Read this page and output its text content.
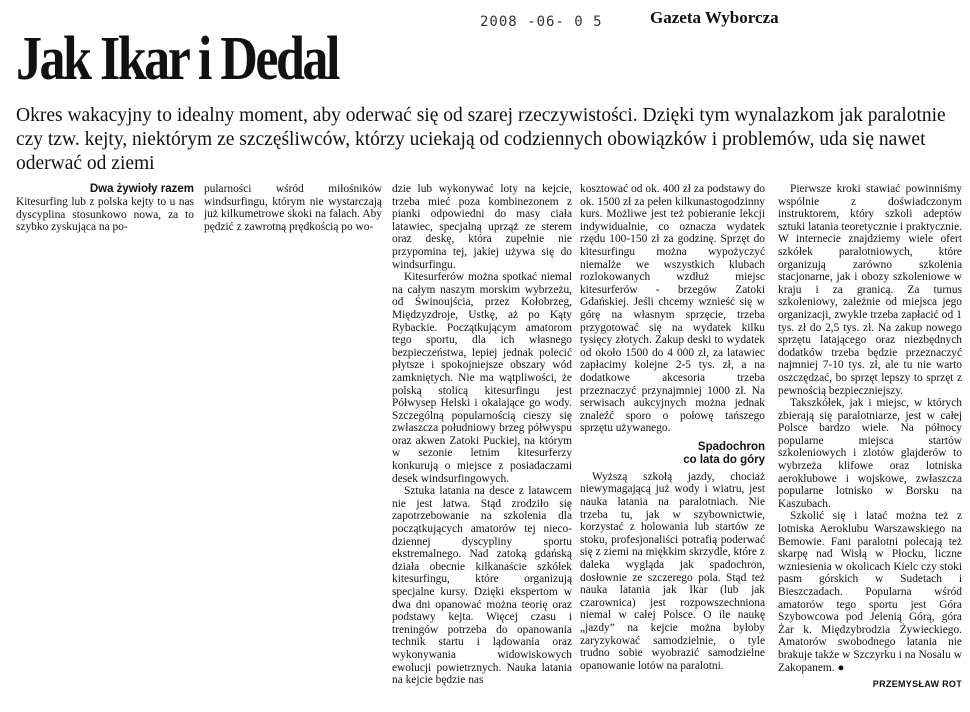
2008 -06- 0 5	Gazeta Wyborcza
Jak Ikar i Dedal

Okres wakacyjny to idealny moment, aby oderwać się od szarej rzeczywistości. Dzięki tym wynalazkom jak paralotnie czy tzw. kejty, niektórym ze szczęśliwców, którzy uciekają od codziennych obowiązków i problemów, uda się nawet oderwać od ziemi

Dwa żywioły razem

Kitesurfing lub z polska kejty to u nas dyscyplina stosunkowo nowa, za to szybko zyskująca na po-

pularności wśród miłośników windsurfingu, którym nie wystarczają już kilkumetrowe skoki na falach. Aby pędzić z zawrotną prędkością po wo-

dzie lub wykonywać loty na kejcie, trzeba mieć poza kombinezonem z pianki odpowiedni do masy ciała latawiec, specjalną uprząż ze sterem oraz deskę, która zupełnie nie przypomina tej, jakiej używa się do windsurfingu.

Kitesurferów można spotkać niemal na całym naszym morskim wybrzeżu, od Świnoujścia, przez Kołobrzeg, Międzyzdroje, Ustkę, aż po Kąty Rybackie. Początkującym amatorom tego sportu, dla ich własnego bezpieczeństwa, lepiej jednak polecić płytsze i spokojniejsze obszary wód zamkniętych. Nie ma wątpliwości, że polską stolicą kitesurfingu jest Półwysep Helski i okalające go wody. Szczególną popularnością cieszy się zwłaszcza południowy brzeg półwyspu oraz akwen Zatoki Puckiej, na którym w sezonie letnim kitesurferzy konkurują o miejsce z posiadaczami desek windsurfingowych.

Sztuka latania na desce z latawcem nie jest łatwa. Stąd zrodziło się zapotrzebowanie na szkolenia dla początkujących amatorów tej nieco-dziennej dyscypliny sportu ekstremalnego. Nad zatoką gdańską działa obecnie kilkanaście szkółek kitesurfingu, które organizują specjalne kursy. Dzięki ekspertom w dwa dni opanować można teorię oraz podstawy kejta. Więcej czasu i treningów potrzeba do opanowania technik startu i lądowania oraz wykonywania widowiskowych ewolucji powietrznych. Nauka latania na kejcie będzie nas

kosztować od ok. 400 zł za podstawy do ok. 1500 zł za pełen kilkunastogodzinny kurs. Możliwe jest też pobieranie lekcji indywidualnie, co oznacza wydatek rzędu 100-150 zł za godzinę. Sprzęt do kitesurfingu można wypożyczyć niemalże we wszystkich klubach rozlokowanych wzdłuż miejsc kitesurferów - brzegów Zatoki Gdańskiej. Jeśli chcemy wznieść się w górę na własnym sprzęcie, trzeba przygotować się na wydatek kilku tysięcy złotych. Zakup deski to wydatek od około 1500 do 4 000 zł, za latawiec zapłacimy kolejne 2-5 tys. zł, a na dodatkowe akcesoria trzeba przeznaczyć przynajmniej 1000 zł. Na serwisach aukcyjnych można jednak znaleźć sporo o połowę tańszego sprzętu używanego.

Spadochron
co lata do góry

Wyższą szkołą jazdy, chociaż niewymagającą już wody i wiatru, jest nauka latania na paralotniach. Nie trzeba tu, jak w szybownictwie, korzystać z holowania lub startów ze stoku, profesjonaliści potrafią poderwać się z ziemi na miękkim skrzydle, które z daleka wygląda jak spadochron, dosłownie ze szczerego pola. Stąd też nauka latania jak Ikar (lub jak czarownica) jest rozpowszechniona niemal w całej Polsce. O ile naukę „jazdy” na kejcie można byłoby zaryzykować samodzielnie, o tyle trudno sobie wyobrazić samodzielne opanowanie lotów na paralotni.

Pierwsze kroki stawiać powinniśmy wspólnie z doświadczonym instruktorem, który szkoli adeptów sztuki latania teoretycznie i praktycznie. W internecie znajdziemy wiele ofert szkółek paralotniowych, które organizują zarówno szkolenia stacjonarne, jak i obozy szkoleniowe w kraju i za granicą. Za turnus szkoleniowy, zależnie od miejsca jego organizacji, zwykle trzeba zapłacić od 1 tys. zł do 2,5 tys. zł. Na zakup nowego sprzętu latającego oraz niezbędnych dodatków trzeba będzie przeznaczyć najmniej 7-10 tys. zł, ale tu nie warto oszczędzać, bo sprzęt lepszy to sprzęt z pewnością bezpieczniejszy.

Takszkółek, jak i miejsc, w których zbierają się paralotniarze, jest w całej Polsce bardzo wiele. Na północy popularne miejsca startów szkoleniowych i zlotów glajderów to wybrzeża klifowe oraz lotniska aeroklubowe i wojskowe, zwłaszcza popularne lotnisko w Borsku na Kaszubach.

Szkolić się i latać można też z lotniska Aeroklubu Warszawskiego na Bemowie. Fani paralotni polecają też skarpę nad Wisłą w Płocku, liczne wzniesienia w okolicach Kielc czy stoki pasm górskich w Sudetach i Bieszczadach. Popularna wśród amatorów tego sportu jest Góra Szybowcowa pod Jelenią Górą, góra Żar k. Międzybrodzia Żywieckiego. Amatorów swobodnego latania nie brakuje także w Szczyrku i na Nosalu w Zakopanem. ●

PRZEMYSŁAW ROT
